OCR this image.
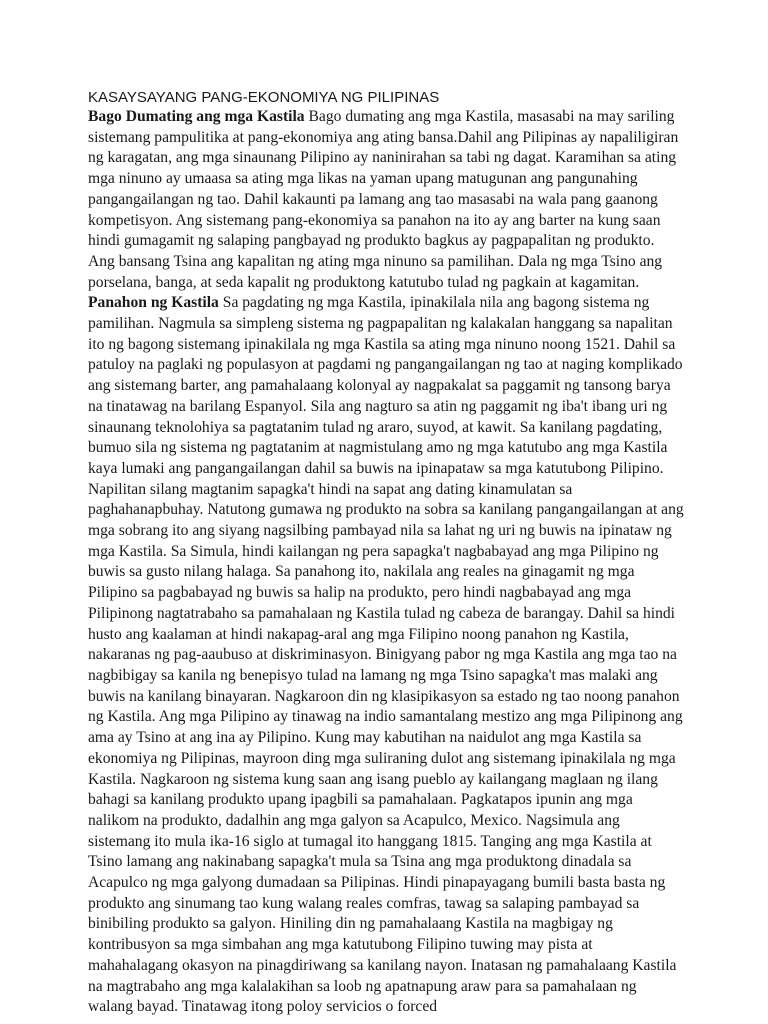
KASAYSAYANG PANG-EKONOMIYA NG PILIPINAS

Bago Dumating ang mga Kastila Bago dumating ang mga Kastila, masasabi na may sariling sistemang pampulitika at pang-ekonomiya ang ating bansa.Dahil ang Pilipinas ay napaliligiran ng karagatan, ang mga sinaunang Pilipino ay naninirahan sa tabi ng dagat. Karamihan sa ating mga ninuno ay umaasa sa ating mga likas na yaman upang matugunan ang pangunahing pangangailangan ng tao. Dahil kakaunti pa lamang ang tao masasabi na wala pang gaanong kompetisyon. Ang sistemang pang-ekonomiya sa panahon na ito ay ang barter na kung saan hindi gumagamit ng salaping pangbayad ng produkto bagkus ay pagpapalitan ng produkto. Ang bansang Tsina ang kapalitan ng ating mga ninuno sa pamilihan. Dala ng mga Tsino ang porselana, banga, at seda kapalit ng produktong katutubo tulad ng pagkain at kagamitan. Panahon ng Kastila Sa pagdating ng mga Kastila, ipinakilala nila ang bagong sistema ng pamilihan. Nagmula sa simpleng sistema ng pagpapalitan ng kalakalan hanggang sa napalitan ito ng bagong sistemang ipinakilala ng mga Kastila sa ating mga ninuno noong 1521. Dahil sa patuloy na paglaki ng populasyon at pagdami ng pangangailangan ng tao at naging komplikado ang sistemang barter, ang pamahalaang kolonyal ay nagpakalat sa paggamit ng tansong barya na tinatawag na barilang Espanyol. Sila ang nagturo sa atin ng paggamit ng iba't ibang uri ng sinaunang teknolohiya sa pagtatanim tulad ng araro, suyod, at kawit. Sa kanilang pagdating, bumuo sila ng sistema ng pagtatanim at nagmistulang amo ng mga katutubo ang mga Kastila kaya lumaki ang pangangailangan dahil sa buwis na ipinapataw sa mga katutubong Pilipino. Napilitan silang magtanim sapagka't hindi na sapat ang dating kinamulatan sa paghahanapbuhay. Natutong gumawa ng produkto na sobra sa kanilang pangangailangan at ang mga sobrang ito ang siyang nagsilbing pambayad nila sa lahat ng uri ng buwis na ipinataw ng mga Kastila. Sa Simula, hindi kailangan ng pera sapagka't nagbabayad ang mga Pilipino ng buwis sa gusto nilang halaga. Sa panahong ito, nakilala ang reales na ginagamit ng mga Pilipino sa pagbabayad ng buwis sa halip na produkto, pero hindi nagbabayad ang mga Pilipinong nagtatrabaho sa pamahalaan ng Kastila tulad ng cabeza de barangay. Dahil sa hindi husto ang kaalaman at hindi nakapag-aral ang mga Filipino noong panahon ng Kastila, nakaranas ng pag-aaubuso at diskriminasyon. Binigyang pabor ng mga Kastila ang mga tao na nagbibigay sa kanila ng benepisyo tulad na lamang ng mga Tsino sapagka't mas malaki ang buwis na kanilang binayaran. Nagkaroon din ng klasipikasyon sa estado ng tao noong panahon ng Kastila. Ang mga Pilipino ay tinawag na indio samantalang mestizo ang mga Pilipinong ang ama ay Tsino at ang ina ay Pilipino. Kung may kabutihan na naidulot ang mga Kastila sa ekonomiya ng Pilipinas, mayroon ding mga suliraning dulot ang sistemang ipinakilala ng mga Kastila. Nagkaroon ng sistema kung saan ang isang pueblo ay kailangang maglaan ng ilang bahagi sa kanilang produkto upang ipagbili sa pamahalaan. Pagkatapos ipunin ang mga nalikom na produkto, dadalhin ang mga galyon sa Acapulco, Mexico. Nagsimula ang sistemang ito mula ika-16 siglo at tumagal ito hanggang 1815. Tanging ang mga Kastila at Tsino lamang ang nakinabang sapagka't mula sa Tsina ang mga produktong dinadala sa Acapulco ng mga galyong dumadaan sa Pilipinas. Hindi pinapayagang bumili basta basta ng produkto ang sinumang tao kung walang reales comfras, tawag sa salaping pambayad sa binibiling produkto sa galyon. Hiniling din ng pamahalaang Kastila na magbigay ng kontribusyon sa mga simbahan ang mga katutubong Filipino tuwing may pista at mahahalagang okasyon na pinagdiriwang sa kanilang nayon. Inatasan ng pamahalaang Kastila na magtrabaho ang mga kalalakihan sa loob ng apatnapung araw para sa pamahalaan ng walang bayad. Tinatawag itong poloy servicios o forced
